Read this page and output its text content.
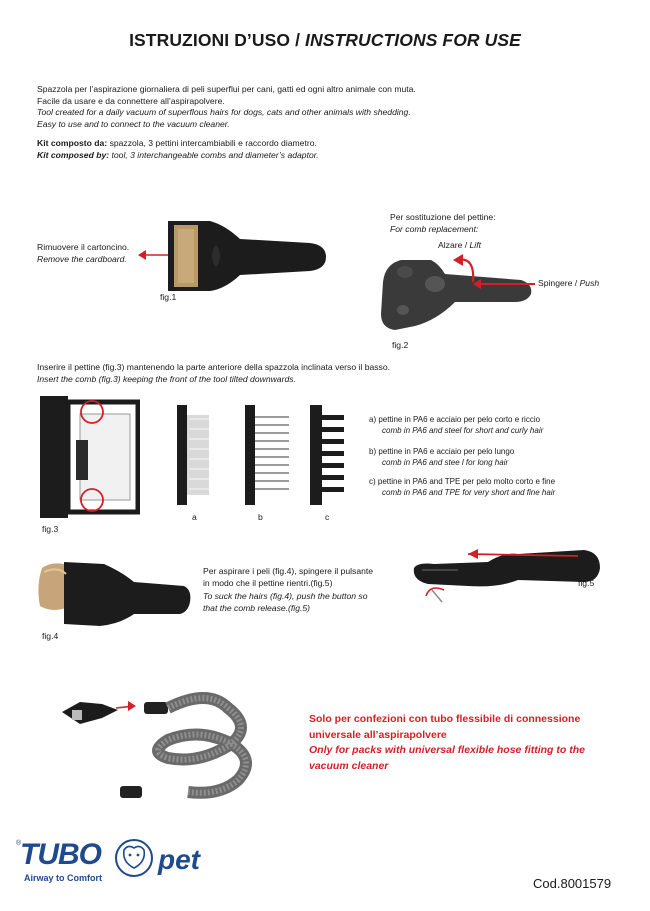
ISTRUZIONI D’USO / INSTRUCTIONS FOR USE
Spazzola per l’aspirazione giornaliera di peli superflui per cani, gatti ed ogni altro animale con muta.
Facile da usare e da connettere all’aspirapolvere.
Tool created for a daily vacuum of superflous hairs for dogs, cats and other animals with shedding.
Easy to use and to connect to the vacuum cleaner.
Kit composto da: spazzola, 3 pettini intercambiabili e raccordo diametro.
Kit composed by: tool, 3 interchangeable combs and diameter’s adaptor.
Rimuovere il cartoncino.
Remove the cardboard.
fig.1
Per sostituzione del pettine:
For comb replacement:
Alzare / Lift
Spingere / Push
fig.2
Inserire il pettine (fig.3) mantenendo la parte anteriore della spazzola inclinata verso il basso.
Insert the comb (fig.3) keeping the front of the tool tilted downwards.
fig.3
a	b	c
a) pettine in PA6 e acciaio per pelo corto e riccio
comb in PA6 and steel for short and curly hair
b) pettine in PA6 e acciaio per pelo lungo
comb in PA6 and stee l for long hair
c) pettine in PA6 and TPE per pelo molto corto e fine
comb in PA6 and TPE for very short and fine hair
fig.4
Per aspirare i peli (fig.4), spingere il pulsante
in modo che il pettine rientri.(fig.5)
To suck the hairs (fig.4), push the button so
that the comb release.(fig.5)
fig.5
Solo per confezioni con tubo flessibile di connessione
universale all’aspirapolvere
Only for packs with universal flexible hose fitting to the
vacuum cleaner
®
TUBO pet
Airway to Comfort	Cod.8001579
